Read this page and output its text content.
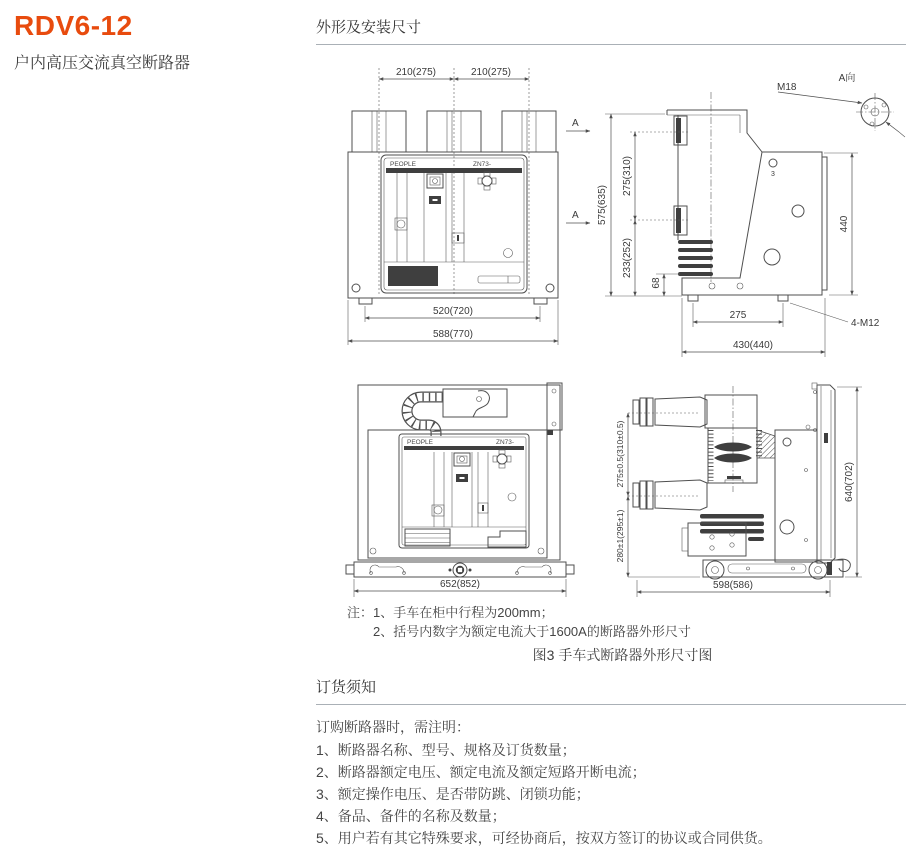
RDV6-12
户内高压交流真空断路器
外形及安装尺寸
210(275)	210(275)
PEOPLE	ZN73-
520(720)
588(770)
A
A
A向
M18
3
575(635)
275(310)
233(252)
68
440
275
4-M12
430(440)
PEOPLE	ZN73-
652(852)
275±0.5(310±0.5)
280±1(295±1)
640(702)
598(586)
注： 1、手车在柜中行程为200mm；
2、括号内数字为额定电流大于1600A的断路器外形尺寸
图3 手车式断路器外形尺寸图
订货须知
订购断路器时，需注明：
1、断路器名称、型号、规格及订货数量；
2、断路器额定电压、额定电流及额定短路开断电流；
3、额定操作电压、是否带防跳、闭锁功能；
4、备品、备件的名称及数量；
5、用户若有其它特殊要求，可经协商后，按双方签订的协议或合同供货。
